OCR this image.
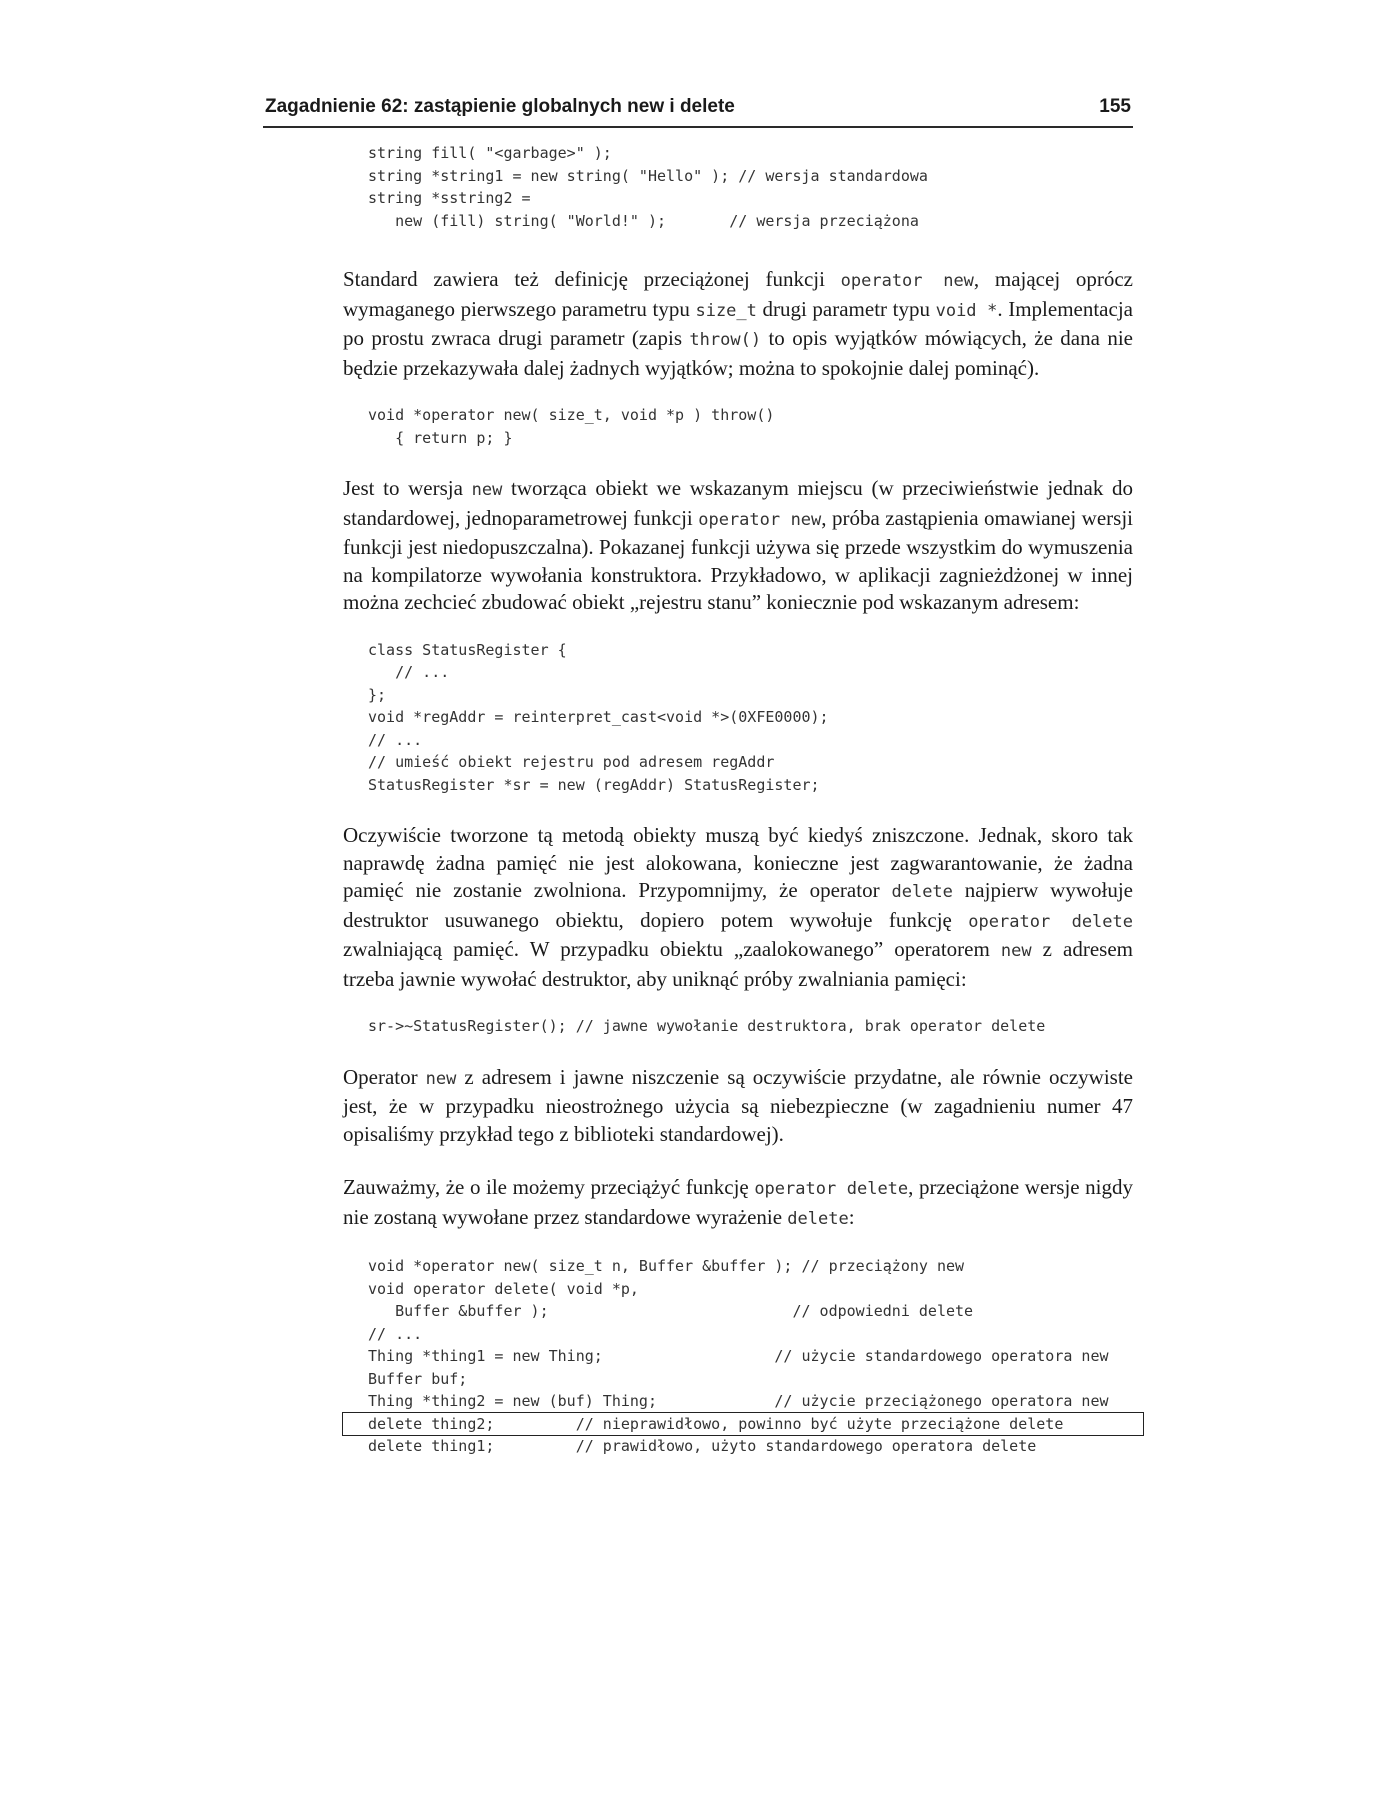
Zagadnienie 62: zastąpienie globalnych new i delete	155
string fill( "<garbage>" );
string *string1 = new string( "Hello" ); // wersja standardowa
string *sstring2 =
new (fill) string( "World!" );       // wersja przeciążona

Standard zawiera też definicję przeciążonej funkcji operator new, mającej oprócz wymaganego pierwszego parametru typu size_t drugi parametr typu void *. Implementacja po prostu zwraca drugi parametr (zapis throw() to opis wyjątków mówiących, że dana nie będzie przekazywała dalej żadnych wyjątków; można to spokojnie dalej pominąć).

void *operator new( size_t, void *p ) throw()
{ return p; }

Jest to wersja new tworząca obiekt we wskazanym miejscu (w przeciwieństwie jednak do standardowej, jednoparametrowej funkcji operator new, próba zastąpienia omawianej wersji funkcji jest niedopuszczalna). Pokazanej funkcji używa się przede wszystkim do wymuszenia na kompilatorze wywołania konstruktora. Przykładowo, w aplikacji zagnieżdżonej w innej można zechcieć zbudować obiekt „rejestru stanu” koniecznie pod wskazanym adresem:

class StatusRegister {
// ...
};
void *regAddr = reinterpret_cast<void *>(0XFE0000);
// ...
// umieść obiekt rejestru pod adresem regAddr
StatusRegister *sr = new (regAddr) StatusRegister;

Oczywiście tworzone tą metodą obiekty muszą być kiedyś zniszczone. Jednak, skoro tak naprawdę żadna pamięć nie jest alokowana, konieczne jest zagwarantowanie, że żadna pamięć nie zostanie zwolniona. Przypomnijmy, że operator delete najpierw wywołuje destruktor usuwanego obiektu, dopiero potem wywołuje funkcję operator delete zwalniającą pamięć. W przypadku obiektu „zaalokowanego” operatorem new z adresem trzeba jawnie wywołać destruktor, aby uniknąć próby zwalniania pamięci:

sr->~StatusRegister(); // jawne wywołanie destruktora, brak operator delete

Operator new z adresem i jawne niszczenie są oczywiście przydatne, ale równie oczywiste jest, że w przypadku nieostrożnego użycia są niebezpieczne (w zagadnieniu numer 47 opisaliśmy przykład tego z biblioteki standardowej).

Zauważmy, że o ile możemy przeciążyć funkcję operator delete, przeciążone wersje nigdy nie zostaną wywołane przez standardowe wyrażenie delete:

void *operator new( size_t n, Buffer &buffer ); // przeciążony new
void operator delete( void *p,
Buffer &buffer );                           // odpowiedni delete
// ...
Thing *thing1 = new Thing;                   // użycie standardowego operatora new
Buffer buf;
Thing *thing2 = new (buf) Thing;             // użycie przeciążonego operatora new
delete thing2;         // nieprawidłowo, powinno być użyte przeciążone delete
delete thing1;         // prawidłowo, użyto standardowego operatora delete
